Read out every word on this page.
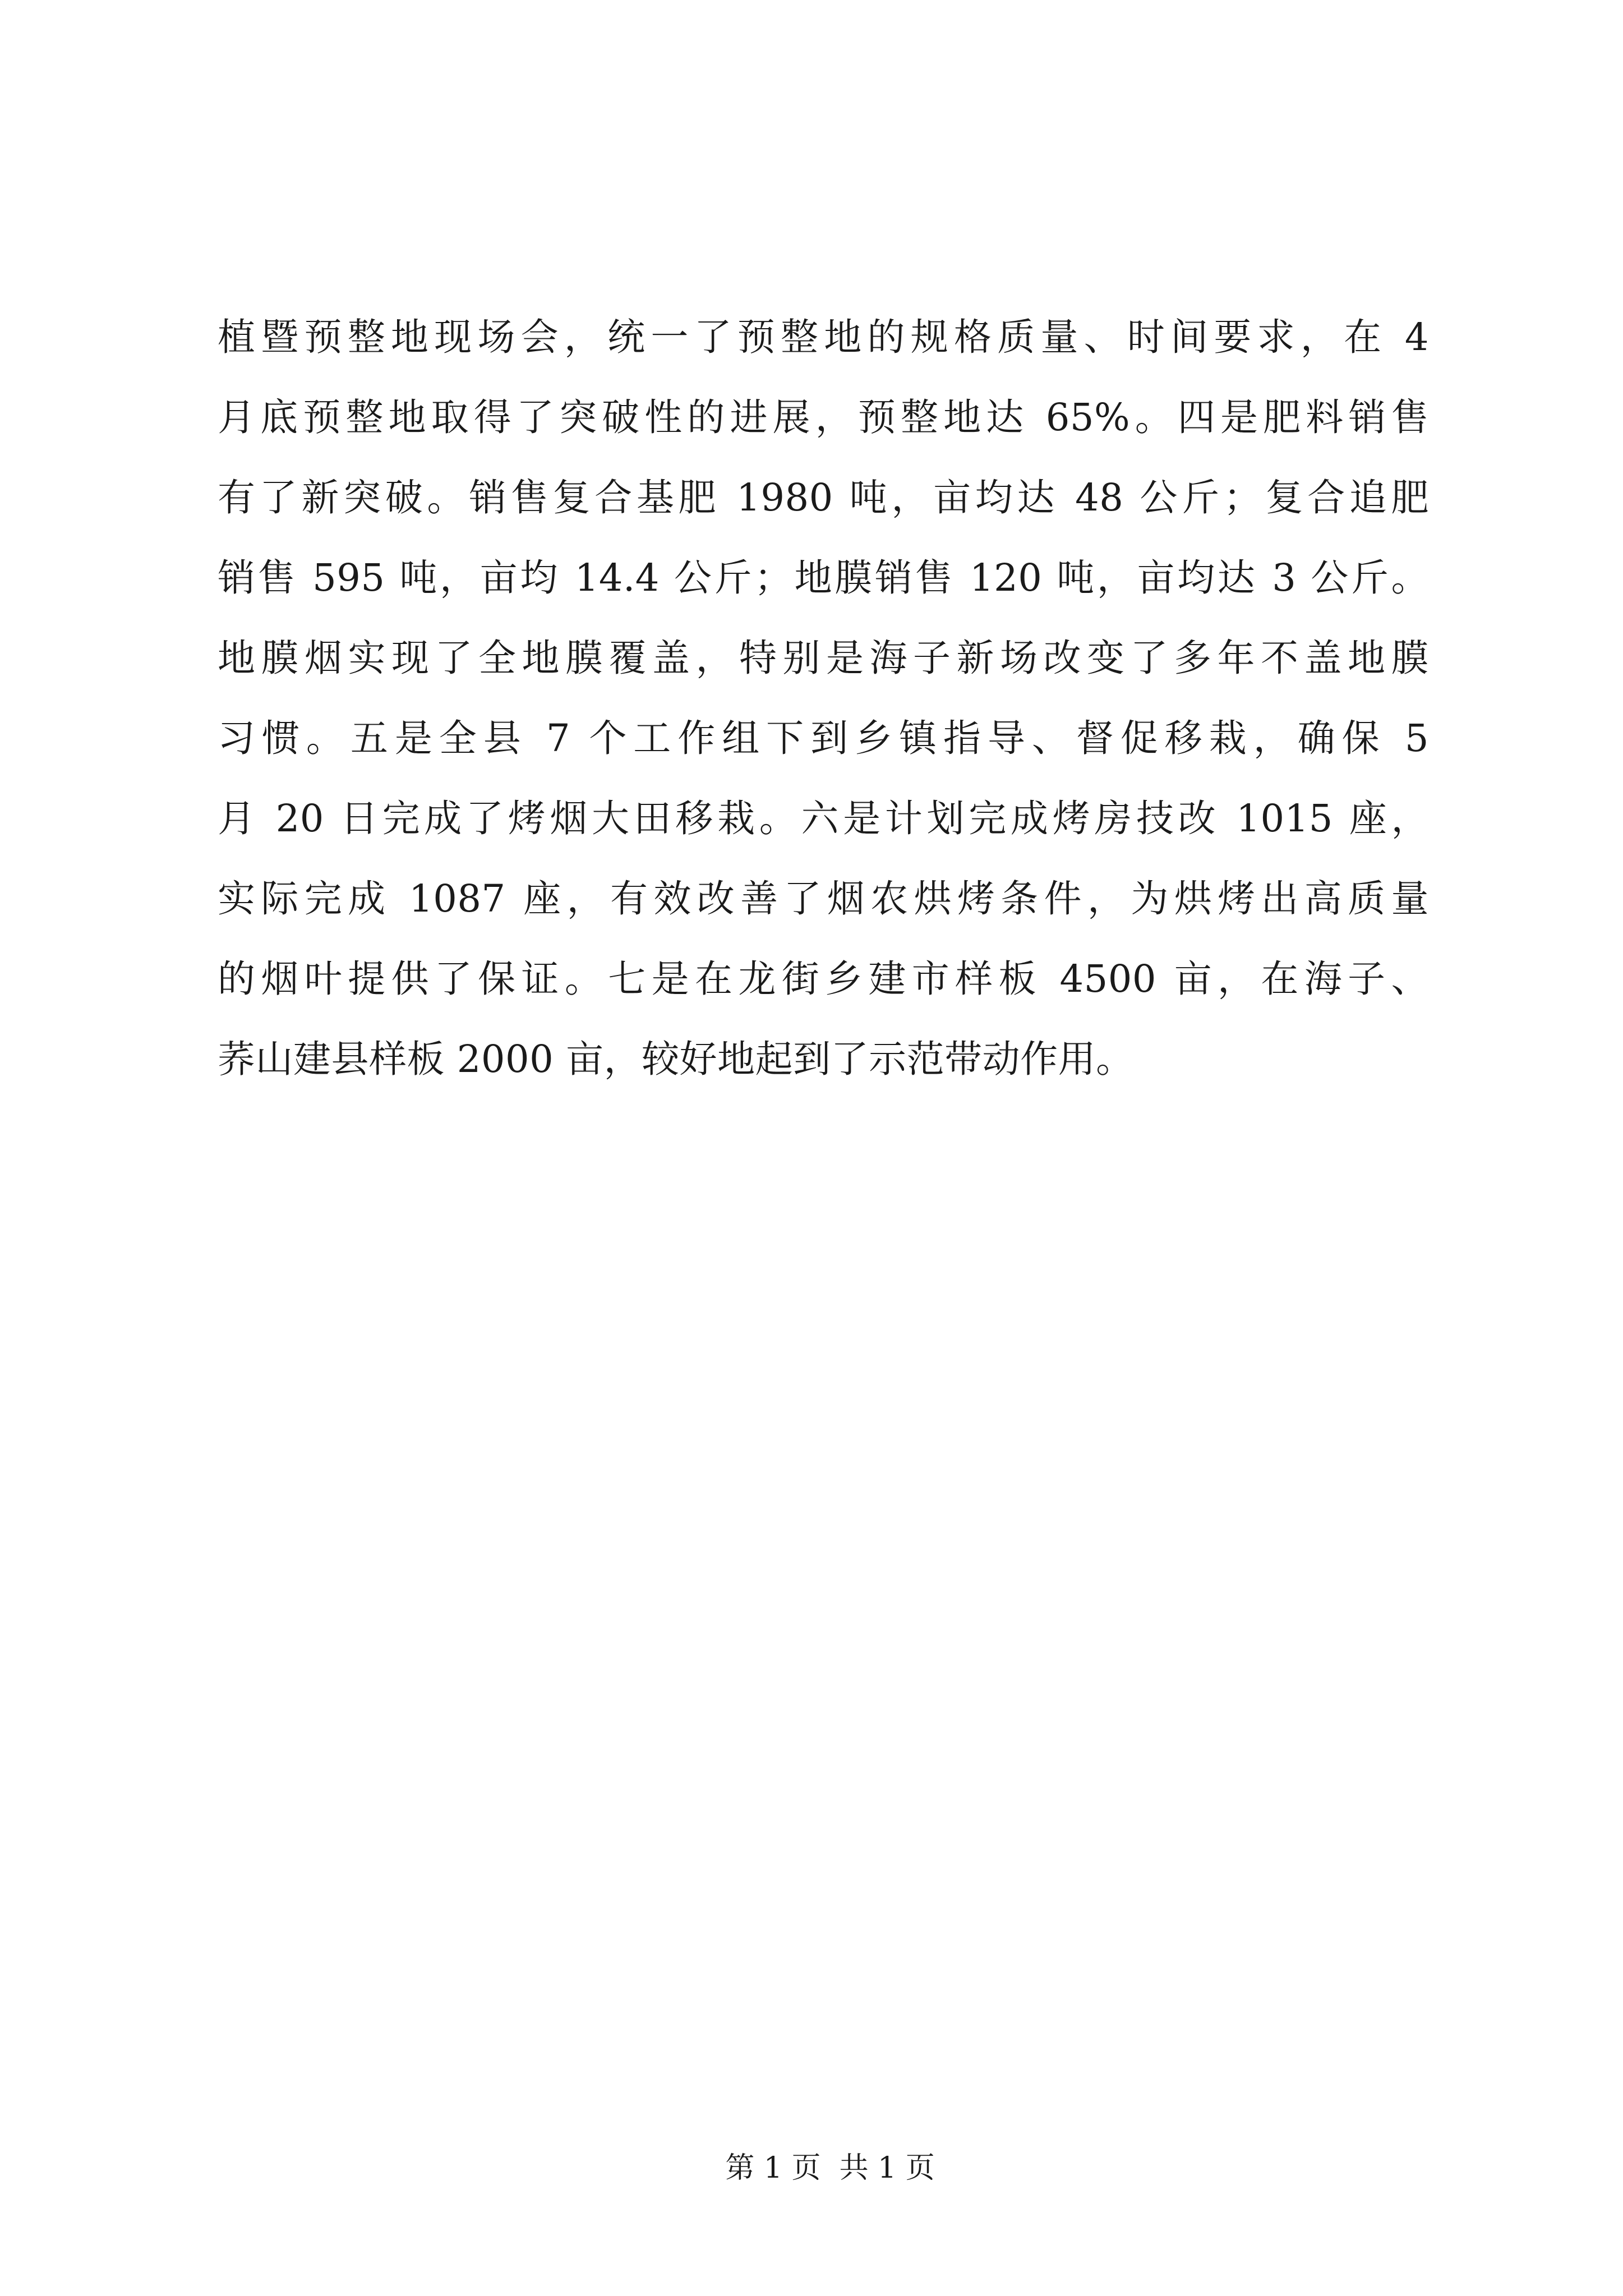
植暨预整地现场会，统一了预整地的规格质量、时间要求，在 4
月底预整地取得了突破性的进展，预整地达 65%。四是肥料销售
有了新突破。销售复合基肥 1980 吨，亩均达 48 公斤；复合追肥
销售 595 吨，亩均 14.4 公斤；地膜销售 120 吨，亩均达 3 公斤。
地膜烟实现了全地膜覆盖，特别是海子新场改变了多年不盖地膜
习惯。五是全县 7 个工作组下到乡镇指导、督促移栽，确保 5
月 20 日完成了烤烟大田移栽。六是计划完成烤房技改 1015 座，
实际完成 1087 座，有效改善了烟农烘烤条件，为烘烤出高质量
的烟叶提供了保证。七是在龙街乡建市样板 4500 亩，在海子、
荞山建县样板 2000 亩，较好地起到了示范带动作用。

第 1 页  共 1 页
